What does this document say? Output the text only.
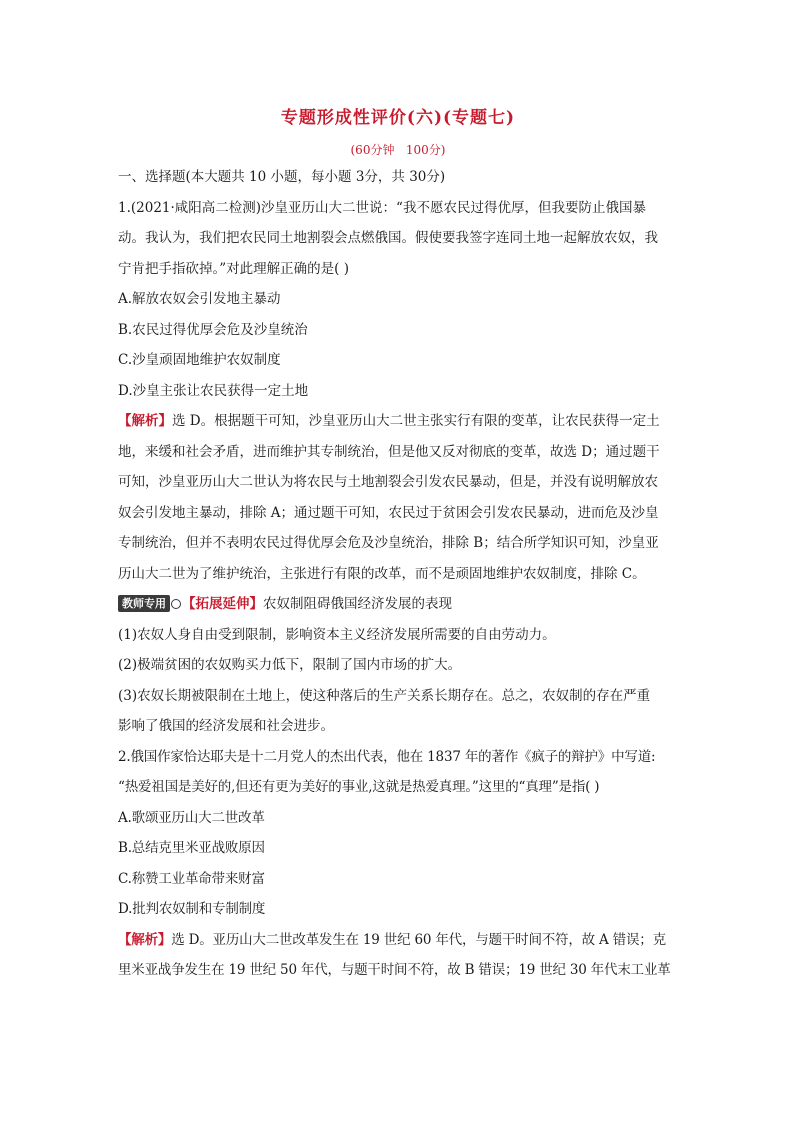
专题形成性评价(六)(专题七)
(60分钟   100分)
一、选择题(本大题共 10 小题，每小题 3分，共 30分)
1.(2021·咸阳高二检测)沙皇亚历山大二世说：“我不愿农民过得优厚，但我要防止俄国暴
动。我认为，我们把农民同土地割裂会点燃俄国。假使要我签字连同土地一起解放农奴，我
宁肯把手指砍掉。”对此理解正确的是( )
A.解放农奴会引发地主暴动
B.农民过得优厚会危及沙皇统治
C.沙皇顽固地维护农奴制度
D.沙皇主张让农民获得一定土地
【解析】选 D。根据题干可知，沙皇亚历山大二世主张实行有限的变革，让农民获得一定土
地，来缓和社会矛盾，进而维护其专制统治，但是他又反对彻底的变革，故选 D；通过题干
可知，沙皇亚历山大二世认为将农民与土地割裂会引发农民暴动，但是，并没有说明解放农
奴会引发地主暴动，排除 A；通过题干可知，农民过于贫困会引发农民暴动，进而危及沙皇
专制统治，但并不表明农民过得优厚会危及沙皇统治，排除 B；结合所学知识可知，沙皇亚
历山大二世为了维护统治，主张进行有限的改革，而不是顽固地维护农奴制度，排除 C。
教师专用 【拓展延伸】农奴制阻碍俄国经济发展的表现
(1)农奴人身自由受到限制，影响资本主义经济发展所需要的自由劳动力。
(2)极端贫困的农奴购买力低下，限制了国内市场的扩大。
(3)农奴长期被限制在土地上，使这种落后的生产关系长期存在。总之，农奴制的存在严重
影响了俄国的经济发展和社会进步。
2.俄国作家恰达耶夫是十二月党人的杰出代表，他在 1837 年的著作《疯子的辩护》中写道:
“热爱祖国是美好的,但还有更为美好的事业,这就是热爱真理。”这里的“真理”是指( )
A.歌颂亚历山大二世改革
B.总结克里米亚战败原因
C.称赞工业革命带来财富
D.批判农奴制和专制制度
【解析】选 D。亚历山大二世改革发生在 19 世纪 60 年代，与题干时间不符，故 A 错误；克
里米亚战争发生在 19 世纪 50 年代，与题干时间不符，故 B 错误；19 世纪 30 年代末工业革
